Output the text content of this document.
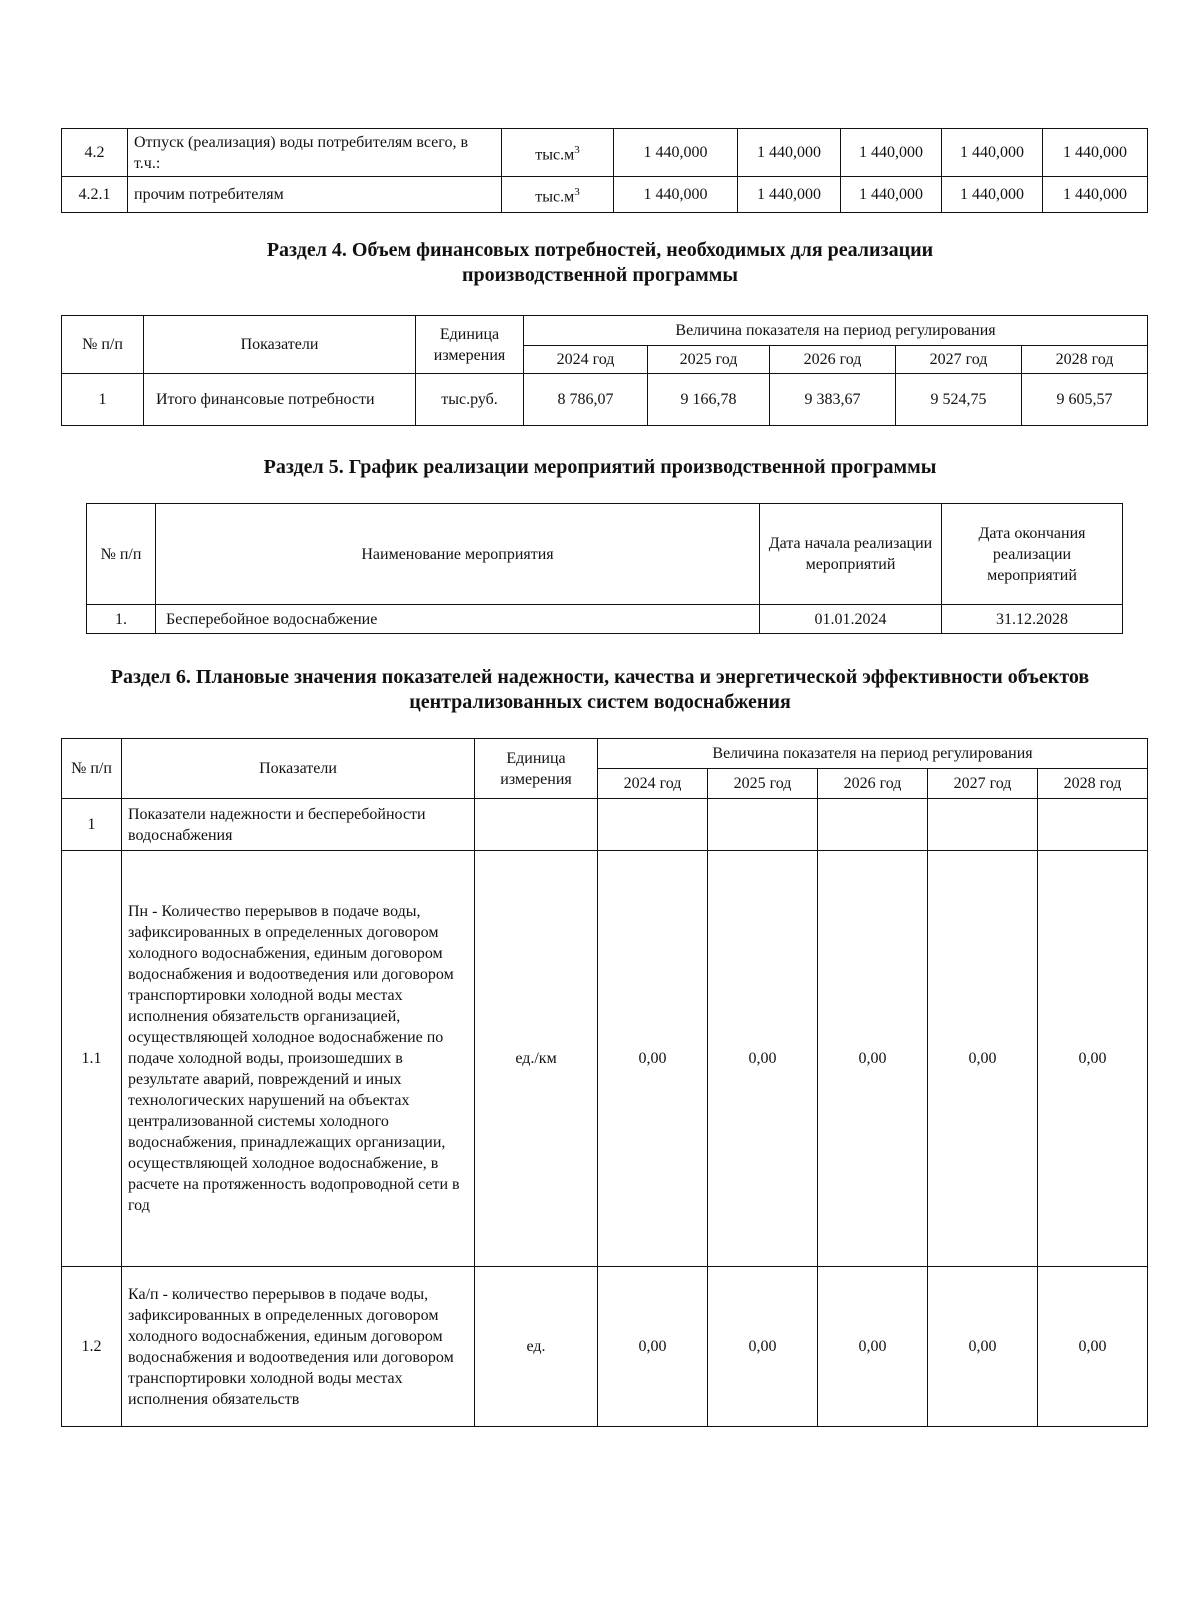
4.2	Отпуск (реализация) воды потребителям всего, в т.ч.:	$тыс.м^3$	1 440,000	1 440,000	1 440,000	1 440,000	1 440,000
4.2.1	прочим потребителям	$тыс.м^3$	1 440,000	1 440,000	1 440,000	1 440,000	1 440,000
Раздел 4. Объем финансовых потребностей, необходимых для реализации производственной программы
№ п/п	Показатели	Единица измерения	Величина показателя на период регулирования				
			2024 год	2025 год	2026 год	2027 год	2028 год
1	Итого финансовые потребности	тыс.руб.	8 786,07	9 166,78	9 383,67	9 524,75	9 605,57
Раздел 5. График реализации мероприятий производственной программы
№ п/п	Наименование мероприятия	Дата начала реализации мероприятий	Дата окончания реализации мероприятий
1.	Бесперебойное водоснабжение	01.01.2024	31.12.2028
Раздел 6. Плановые значения показателей надежности, качества и энергетической эффективности объектов централизованных систем водоснабжения
№ п/п	Показатели	Единица измерения	Величина показателя на период регулирования				
			2024 год	2025 год	2026 год	2027 год	2028 год
1	Показатели надежности и бесперебойности водоснабжения						
1.1	Пн - Количество перерывов в подаче воды, зафиксированных в определенных договором холодного водоснабжения, единым договором водоснабжения и водоотведения или договором транспортировки холодной воды местах исполнения обязательств организацией, осуществляющей холодное водоснабжение по подаче холодной воды, произошедших в результате аварий, повреждений и иных технологических нарушений на объектах централизованной системы холодного водоснабжения, принадлежащих организации, осуществляющей холодное водоснабжение, в расчете на протяженность водопроводной сети в год	ед./км	0,00	0,00	0,00	0,00	0,00
1.2	Ка/п - количество перерывов в подаче воды, зафиксированных в определенных договором холодного водоснабжения, единым договором водоснабжения и водоотведения или договором транспортировки холодной воды местах исполнения обязательств	ед.	0,00	0,00	0,00	0,00	0,00
